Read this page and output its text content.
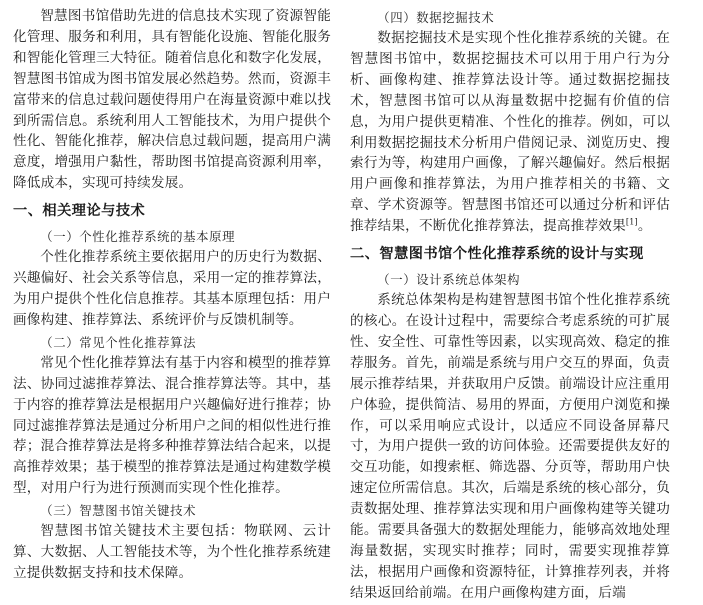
智慧图书馆借助先进的信息技术实现了资源智能化管理、服务和利用，具有智能化设施、智能化服务和智能化管理三大特征。随着信息化和数字化发展，智慧图书馆成为图书馆发展必然趋势。然而，资源丰富带来的信息过载问题使得用户在海量资源中难以找到所需信息。系统利用人工智能技术，为用户提供个性化、智能化推荐，解决信息过载问题，提高用户满意度，增强用户黏性，帮助图书馆提高资源利用率，降低成本，实现可持续发展。

一、相关理论与技术
（一）个性化推荐系统的基本原理

个性化推荐系统主要依据用户的历史行为数据、兴趣偏好、社会关系等信息，采用一定的推荐算法，为用户提供个性化信息推荐。其基本原理包括：用户画像构建、推荐算法、系统评价与反馈机制等。

（二）常见个性化推荐算法

常见个性化推荐算法有基于内容和模型的推荐算法、协同过滤推荐算法、混合推荐算法等。其中，基于内容的推荐算法是根据用户兴趣偏好进行推荐；协同过滤推荐算法是通过分析用户之间的相似性进行推荐；混合推荐算法是将多种推荐算法结合起来，以提高推荐效果；基于模型的推荐算法是通过构建数学模型，对用户行为进行预测而实现个性化推荐。

（三）智慧图书馆关键技术

智慧图书馆关键技术主要包括：物联网、云计算、大数据、人工智能技术等，为个性化推荐系统建立提供数据支持和技术保障。

（四）数据挖掘技术

数据挖掘技术是实现个性化推荐系统的关键。在智慧图书馆中，数据挖掘技术可以用于用户行为分析、画像构建、推荐算法设计等。通过数据挖掘技术，智慧图书馆可以从海量数据中挖掘有价值的信息，为用户提供更精准、个性化的推荐。例如，可以利用数据挖掘技术分析用户借阅记录、浏览历史、搜索行为等，构建用户画像，了解兴趣偏好。然后根据用户画像和推荐算法，为用户推荐相关的书籍、文章、学术资源等。智慧图书馆还可以通过分析和评估推荐结果，不断优化推荐算法，提高推荐效果[1]。

二、智慧图书馆个性化推荐系统的设计与实现
（一）设计系统总体架构

系统总体架构是构建智慧图书馆个性化推荐系统的核心。在设计过程中，需要综合考虑系统的可扩展性、安全性、可靠性等因素，以实现高效、稳定的推荐服务。首先，前端是系统与用户交互的界面，负责展示推荐结果，并获取用户反馈。前端设计应注重用户体验，提供简洁、易用的界面，方便用户浏览和操作，可以采用响应式设计，以适应不同设备屏幕尺寸，为用户提供一致的访问体验。还需要提供友好的交互功能，如搜索框、筛选器、分页等，帮助用户快速定位所需信息。其次，后端是系统的核心部分，负责数据处理、推荐算法实现和用户画像构建等关键功能。需要具备强大的数据处理能力，能够高效地处理海量数据，实现实时推荐；同时，需要实现推荐算法，根据用户画像和资源特征，计算推荐列表，并将结果返回给前端。在用户画像构建方面，后端
